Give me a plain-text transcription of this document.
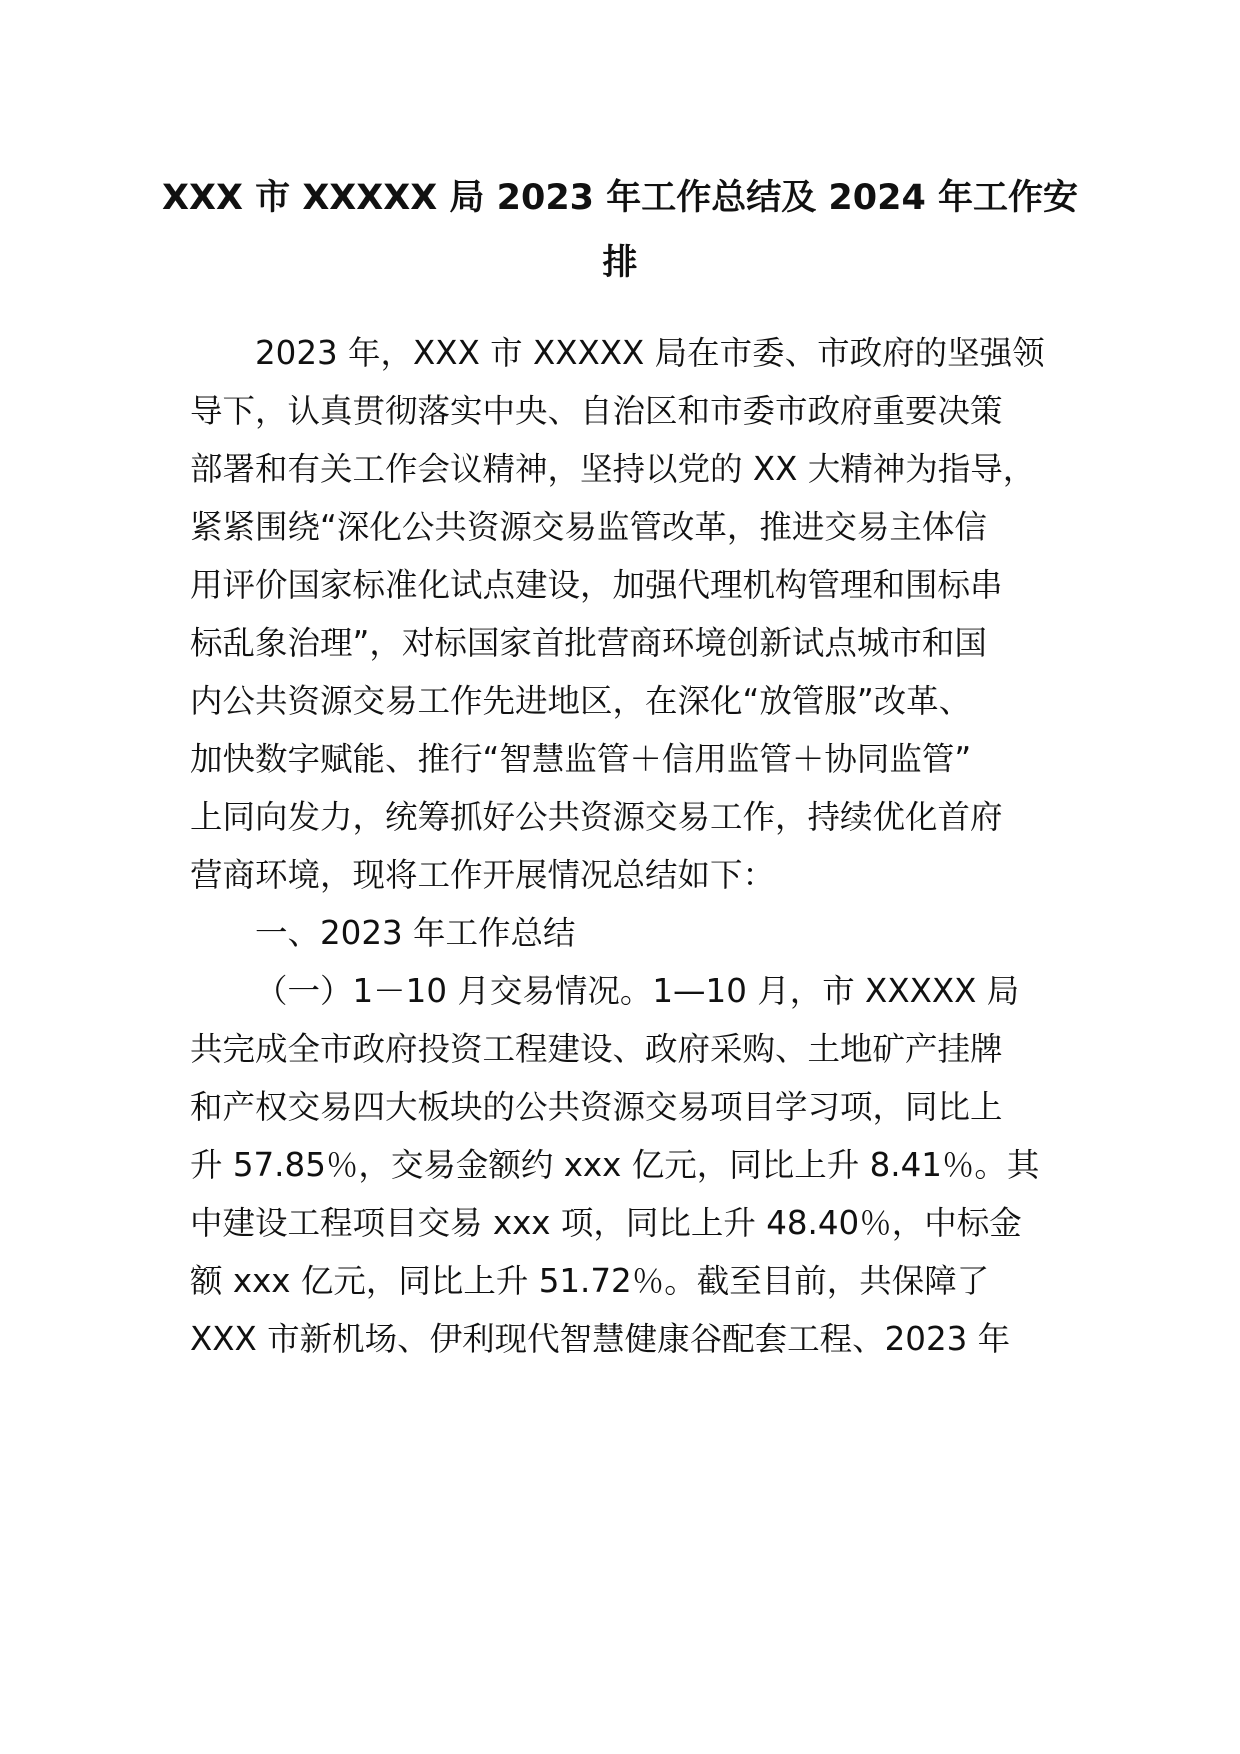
XXX 市 XXXXX 局 2023 年工作总结及 2024 年工作安
排
2023 年，XXX 市 XXXXX 局在市委、市政府的坚强领
导下，认真贯彻落实中央、自治区和市委市政府重要决策
部署和有关工作会议精神，坚持以党的 XX 大精神为指导，
紧紧围绕“深化公共资源交易监管改革，推进交易主体信
用评价国家标准化试点建设，加强代理机构管理和围标串
标乱象治理”，对标国家首批营商环境创新试点城市和国
内公共资源交易工作先进地区，在深化“放管服”改革、
加快数字赋能、推行“智慧监管＋信用监管＋协同监管”
上同向发力，统筹抓好公共资源交易工作，持续优化首府
营商环境，现将工作开展情况总结如下：
一、2023 年工作总结
（一）1－10 月交易情况。1—10 月，市 XXXXX 局
共完成全市政府投资工程建设、政府采购、土地矿产挂牌
和产权交易四大板块的公共资源交易项目学习项，同比上
升 57.85％，交易金额约 xxx 亿元，同比上升 8.41％。其
中建设工程项目交易 xxx 项，同比上升 48.40％，中标金
额 xxx 亿元，同比上升 51.72％。截至目前，共保障了
XXX 市新机场、伊利现代智慧健康谷配套工程、2023 年
